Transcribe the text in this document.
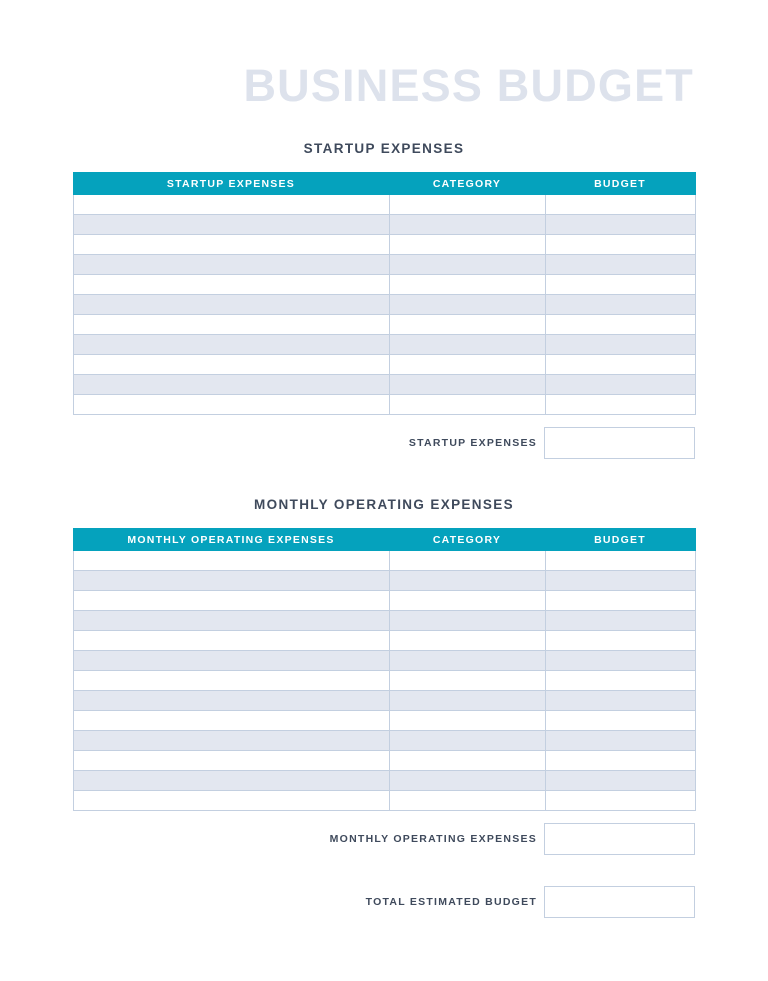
BUSINESS BUDGET
STARTUP EXPENSES
STARTUP EXPENSES	CATEGORY	BUDGET

STARTUP EXPENSES
MONTHLY OPERATING EXPENSES
MONTHLY OPERATING EXPENSES	CATEGORY	BUDGET

MONTHLY OPERATING EXPENSES
TOTAL ESTIMATED BUDGET
